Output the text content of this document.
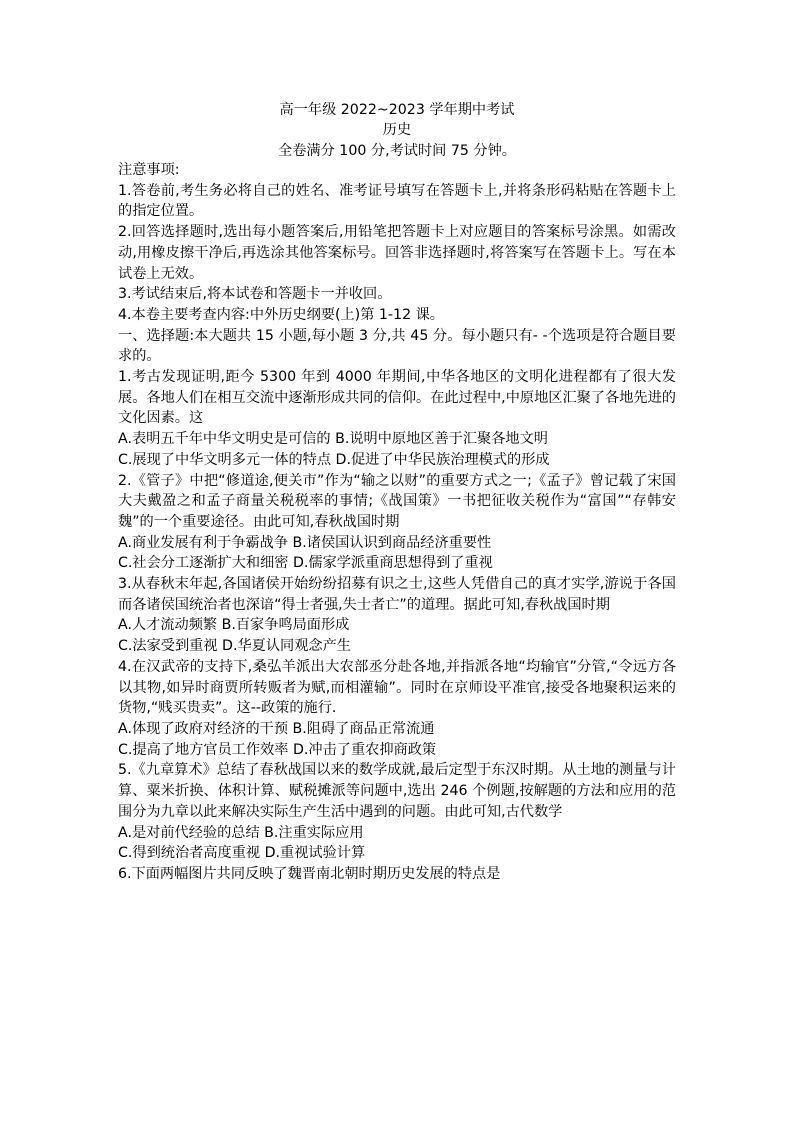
高一年级 2022~2023 学年期中考试
历史
全卷满分 100 分,考试时间 75 分钟。

注意事项:

1.答卷前,考生务必将自己的姓名、准考证号填写在答题卡上,并将条形码粘贴在答题卡上的指定位置。

2.回答选择题时,选出每小题答案后,用铅笔把答题卡上对应题目的答案标号涂黑。如需改动,用橡皮擦干净后,再选涂其他答案标号。回答非选择题时,将答案写在答题卡上。写在本试卷上无效。

3.考试结束后,将本试卷和答题卡一并收回。

4.本卷主要考查内容:中外历史纲要(上)第 1-12 课。

一、选择题:本大题共 15 小题,每小题 3 分,共 45 分。每小题只有- -个选项是符合题目要求的。

1.考古发现证明,距今 5300 年到 4000 年期间,中华各地区的文明化进程都有了很大发展。各地人们在相互交流中逐渐形成共同的信仰。在此过程中,中原地区汇聚了各地先进的文化因素。这

A.表明五千年中华文明史是可信的 B.说明中原地区善于汇聚各地文明

C.展现了中华文明多元一体的特点 D.促进了中华民族治理模式的形成

2.《管子》中把“修道途,便关市”作为“输之以财”的重要方式之一;《孟子》曾记载了宋国大夫戴盈之和孟子商量关税税率的事情;《战国策》一书把征收关税作为“富国”“存韩安魏”的一个重要途径。由此可知,春秋战国时期

A.商业发展有利于争霸战争 B.诸侯国认识到商品经济重要性

C.社会分工逐渐扩大和细密 D.儒家学派重商思想得到了重视

3.从春秋末年起,各国诸侯开始纷纷招募有识之士,这些人凭借自己的真才实学,游说于各国而各诸侯国统治者也深谙“得士者强,失士者亡”的道理。据此可知,春秋战国时期

A.人才流动频繁 B.百家争鸣局面形成

C.法家受到重视 D.华夏认同观念产生

4.在汉武帝的支持下,桑弘羊派出大农部丞分赴各地,并指派各地“均输官”分管,“令远方各以其物,如异时商贾所转贩者为赋,而相灌输”。同时在京师设平准官,接受各地聚积运来的货物,“贱买贵卖”。这--政策的施行.

A.体现了政府对经济的干预 B.阻碍了商品正常流通

C.提高了地方官员工作效率 D.冲击了重农抑商政策

5.《九章算术》总结了春秋战国以来的数学成就,最后定型于东汉时期。从土地的测量与计算、粟米折换、体积计算、赋税摊派等问题中,选出 246 个例题,按解题的方法和应用的范围分为九章以此来解决实际生产生活中遇到的问题。由此可知,古代数学

A.是对前代经验的总结 B.注重实际应用

C.得到统治者高度重视 D.重视试验计算

6.下面两幅图片共同反映了魏晋南北朝时期历史发展的特点是
